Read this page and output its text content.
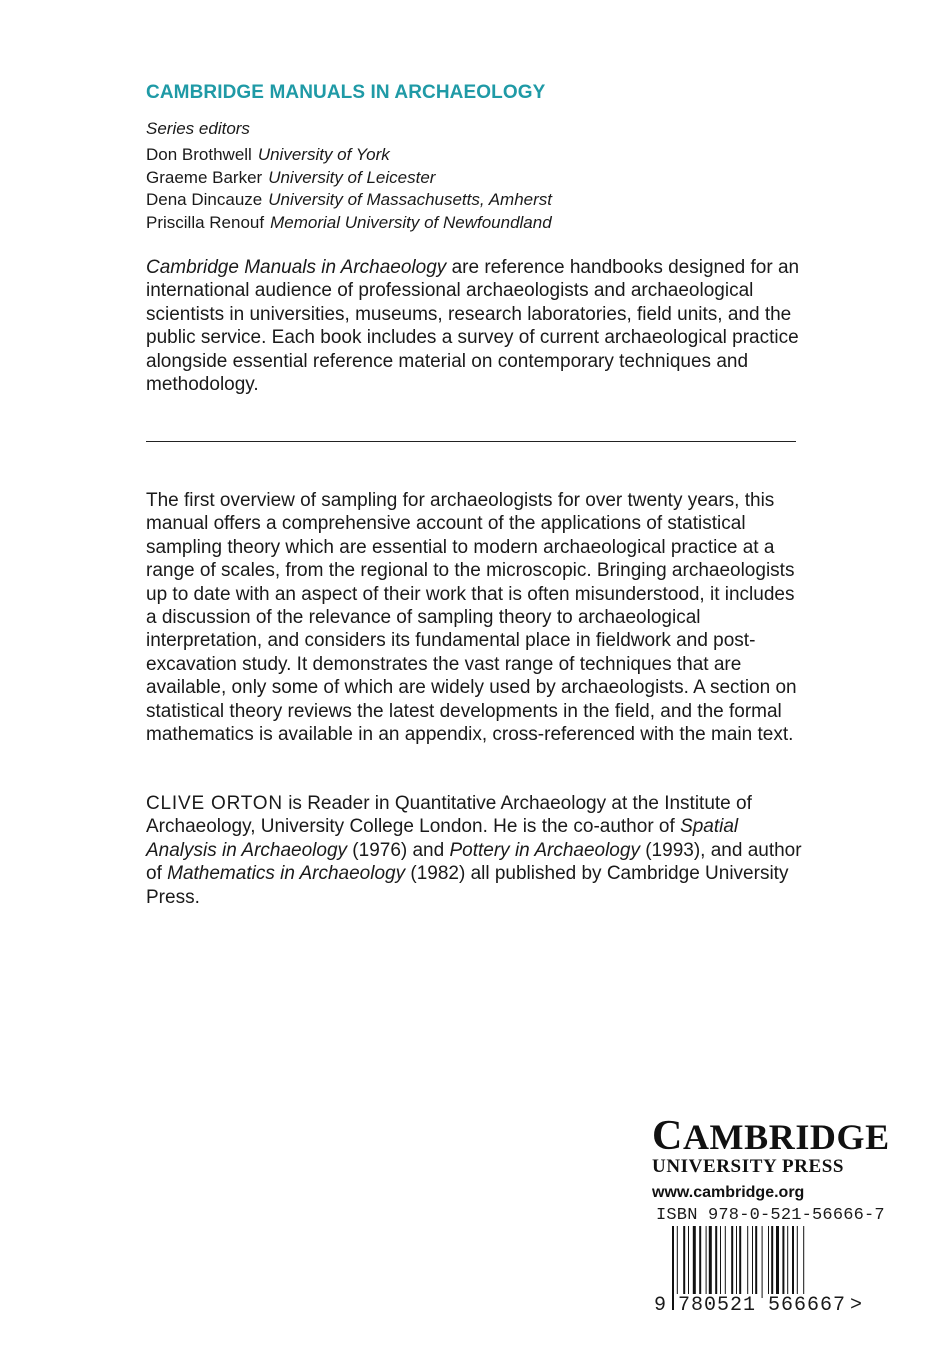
CAMBRIDGE MANUALS IN ARCHAEOLOGY
Series editors
Don Brothwell University of York
Graeme Barker University of Leicester
Dena Dincauze University of Massachusetts, Amherst
Priscilla Renouf Memorial University of Newfoundland
Cambridge Manuals in Archaeology are reference handbooks designed for an international audience of professional archaeologists and archaeological scientists in universities, museums, research laboratories, field units, and the public service. Each book includes a survey of current archaeological practice alongside essential reference material on contemporary techniques and methodology.
The first overview of sampling for archaeologists for over twenty years, this manual offers a comprehensive account of the applications of statistical sampling theory which are essential to modern archaeological practice at a range of scales, from the regional to the microscopic. Bringing archaeologists up to date with an aspect of their work that is often misunderstood, it includes a discussion of the relevance of sampling theory to archaeological interpretation, and considers its fundamental place in fieldwork and post-excavation study. It demonstrates the vast range of techniques that are available, only some of which are widely used by archaeologists. A section on statistical theory reviews the latest developments in the field, and the formal mathematics is available in an appendix, cross-referenced with the main text.
CLIVE ORTON is Reader in Quantitative Archaeology at the Institute of Archaeology, University College London. He is the co-author of Spatial Analysis in Archaeology (1976) and Pottery in Archaeology (1993), and author of Mathematics in Archaeology (1982) all published by Cambridge University Press.
CAMBRIDGE
UNIVERSITY PRESS
www.cambridge.org
ISBN 978-0-521-56666-7
9 780521 566667 >
